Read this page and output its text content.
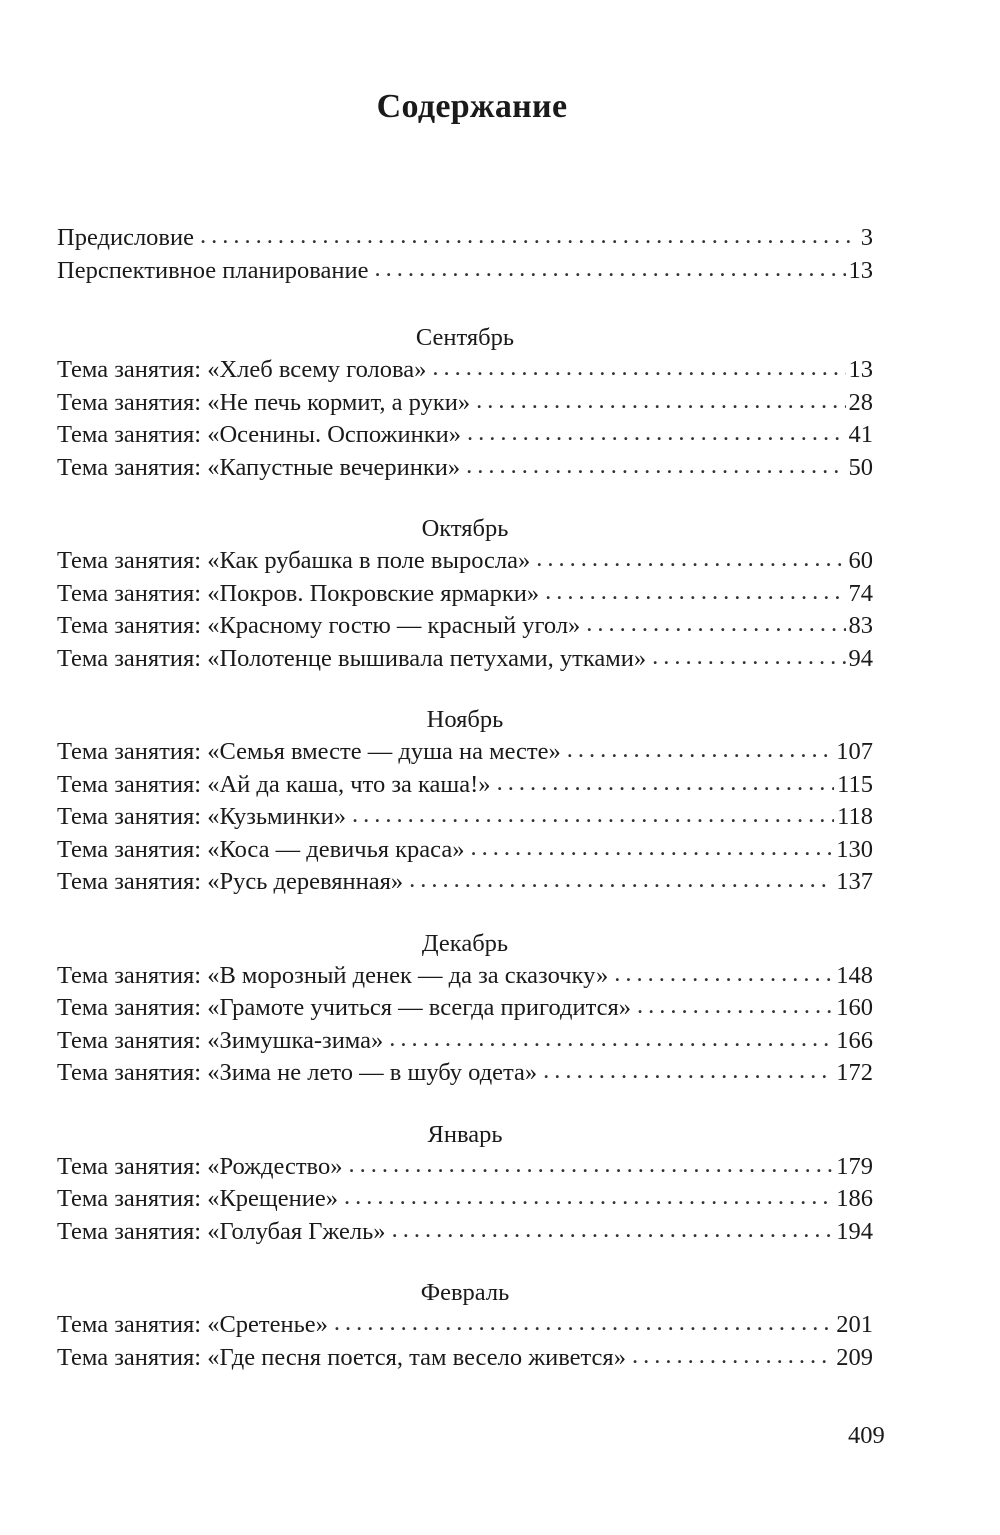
Содержание
Предисловие .....	3
Перспективное планирование .....	13
Сентябрь
Тема занятия: «Хлеб всему голова» .....	13
Тема занятия: «Не печь кормит, а руки» .....	28
Тема занятия: «Осенины. Оспожинки» .....	41
Тема занятия: «Капустные вечеринки» .....	50
Октябрь
Тема занятия: «Как рубашка в поле выросла» .....	60
Тема занятия: «Покров. Покровские ярмарки» .....	74
Тема занятия: «Красному гостю — красный угол» .....	83
Тема занятия: «Полотенце вышивала петухами, утками» .....	94
Ноябрь
Тема занятия: «Семья вместе — душа на месте» .....	107
Тема занятия: «Ай да каша, что за каша!» .....	115
Тема занятия: «Кузьминки» .....	118
Тема занятия: «Коса — девичья краса» .....	130
Тема занятия: «Русь деревянная» .....	137
Декабрь
Тема занятия: «В морозный денек — да за сказочку» .....	148
Тема занятия: «Грамоте учиться — всегда пригодится» .....	160
Тема занятия: «Зимушка-зима» .....	166
Тема занятия: «Зима не лето — в шубу одета» .....	172
Январь
Тема занятия: «Рождество» .....	179
Тема занятия: «Крещение» .....	186
Тема занятия: «Голубая Гжель» .....	194
Февраль
Тема занятия: «Сретенье» .....	201
Тема занятия: «Где песня поется, там весело живется» .....	209
409
